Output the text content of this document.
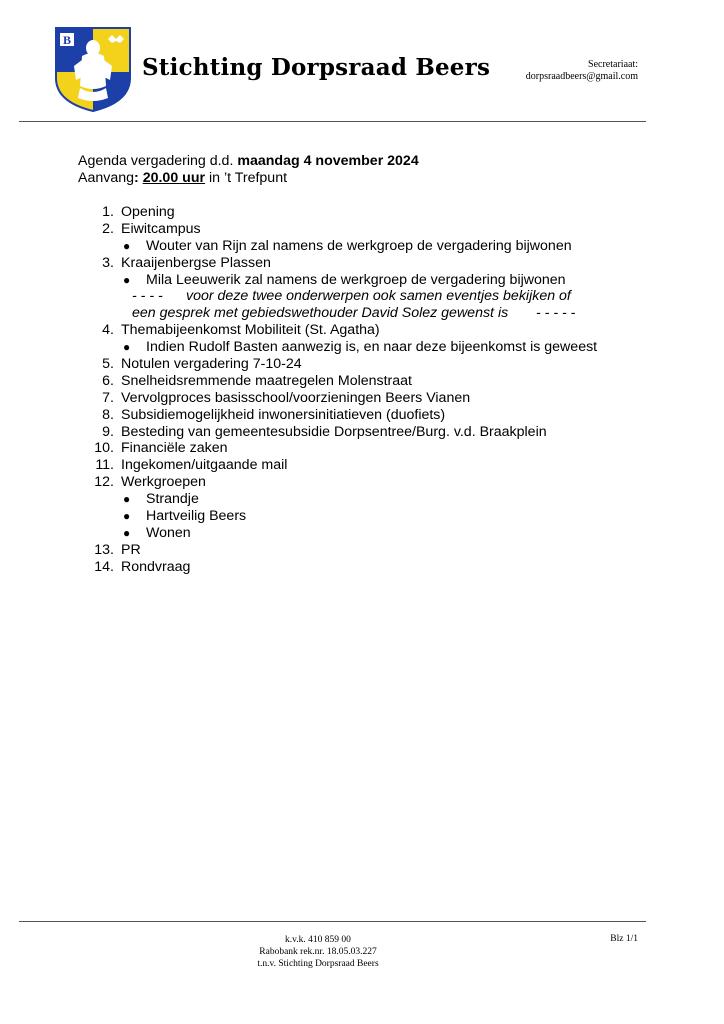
B
Stichting Dorpsraad Beers	Secretariaat:
dorpsraadbeers@gmail.com
Agenda vergadering d.d. maandag 4 november 2024
Aanvang: 20.00 uur in ’t Trefpunt
1. Opening
2. Eiwitcampus
● Wouter van Rijn zal namens de werkgroep de vergadering bijwonen
3. Kraaijenbergse Plassen
● Mila Leeuwerik zal namens de werkgroep de vergadering bijwonen
- - - - voor deze twee onderwerpen ook samen eventjes bekijken of
een gesprek met gebiedswethouder David Solez gewenst is - - - - -
4. Themabijeenkomst Mobiliteit (St. Agatha)
● Indien Rudolf Basten aanwezig is, en naar deze bijeenkomst is geweest
5. Notulen vergadering 7-10-24
6. Snelheidsremmende maatregelen Molenstraat
7. Vervolgproces basisschool/voorzieningen Beers Vianen
8. Subsidiemogelijkheid inwonersinitiatieven (duofiets)
9. Besteding van gemeentesubsidie Dorpsentree/Burg. v.d. Braakplein
10. Financiële zaken
11. Ingekomen/uitgaande mail
12. Werkgroepen
● Strandje
● Hartveilig Beers
● Wonen
13. PR
14. Rondvraag
k.v.k. 410 859 00
Rabobank rek.nr. 18.05.03.227
t.n.v. Stichting Dorpsraad Beers
Blz 1/1
